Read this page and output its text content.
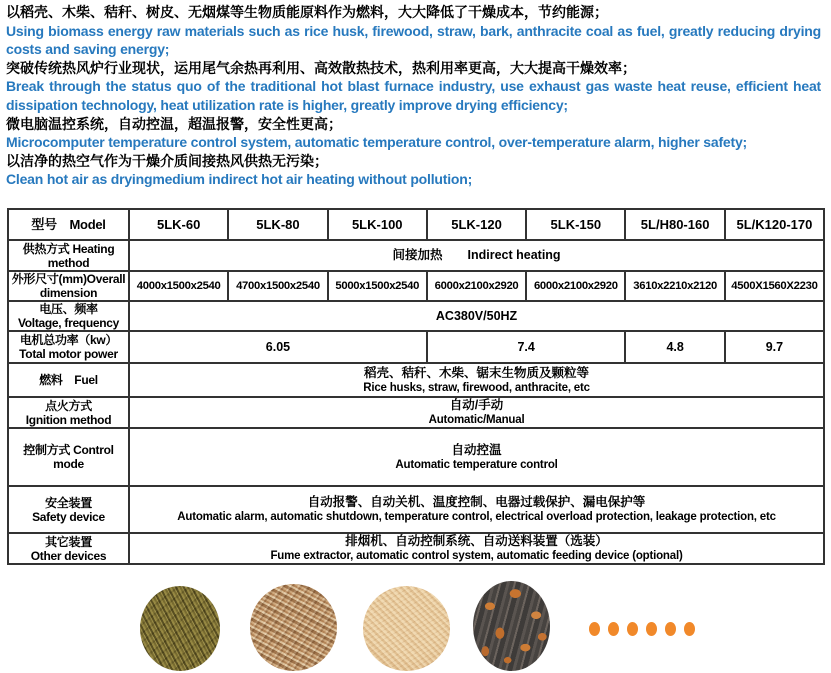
以稻壳、木柴、秸秆、树皮、无烟煤等生物质能原料作为燃料，大大降低了干燥成本，节约能源；

Using biomass energy raw materials such as rice husk, firewood, straw, bark, anthracite coal as fuel, greatly reducing drying costs and saving energy;

突破传统热风炉行业现状，运用尾气余热再利用、高效散热技术，热利用率更高，大大提高干燥效率；

Break through the status quo of the traditional hot blast furnace industry, use exhaust gas waste heat reuse, efficient heat dissipation technology, heat utilization rate is higher, greatly improve drying efficiency;

微电脑温控系统，自动控温，超温报警，安全性更高；

Microcomputer temperature control system, automatic temperature control, over-temperature alarm, higher safety;

以洁净的热空气作为干燥介质间接热风供热无污染；

Clean hot air as dryingmedium indirect hot air heating without pollution;

型号　Model	5LK-60	5LK-80	5LK-100	5LK-120	5LK-150	5L/H80-160	5L/K120-170

供热方式 Heating
method	间接加热　　Indirect heating						

外形尺寸(mm)Overall
dimension	4000x1500x2540	4700x1500x2540	5000x1500x2540	6000x2100x2920	6000x2100x2920	3610x2210x2120	4500X1560X2230

电压、频率
Voltage, frequency	AC380V/50HZ						

电机总功率（kw）
Total motor power	6.05			7.4		4.8	9.7

燃料　Fuel	稻壳、秸秆、木柴、锯末生物质及颗粒等
Rice husks, straw, firewood, anthracite, etc						

点火方式
Ignition method	自动/手动
Automatic/Manual						

控制方式 Control mode	自动控温
Automatic temperature control						

安全装置
Safety device	自动报警、自动关机、温度控制、电器过载保护、漏电保护等
Automatic alarm, automatic shutdown, temperature control, electrical overload protection, leakage protection, etc						

其它装置
Other devices	排烟机、自动控制系统、自动送料装置（选装）
Fume extractor, automatic control system, automatic feeding device (optional)						
